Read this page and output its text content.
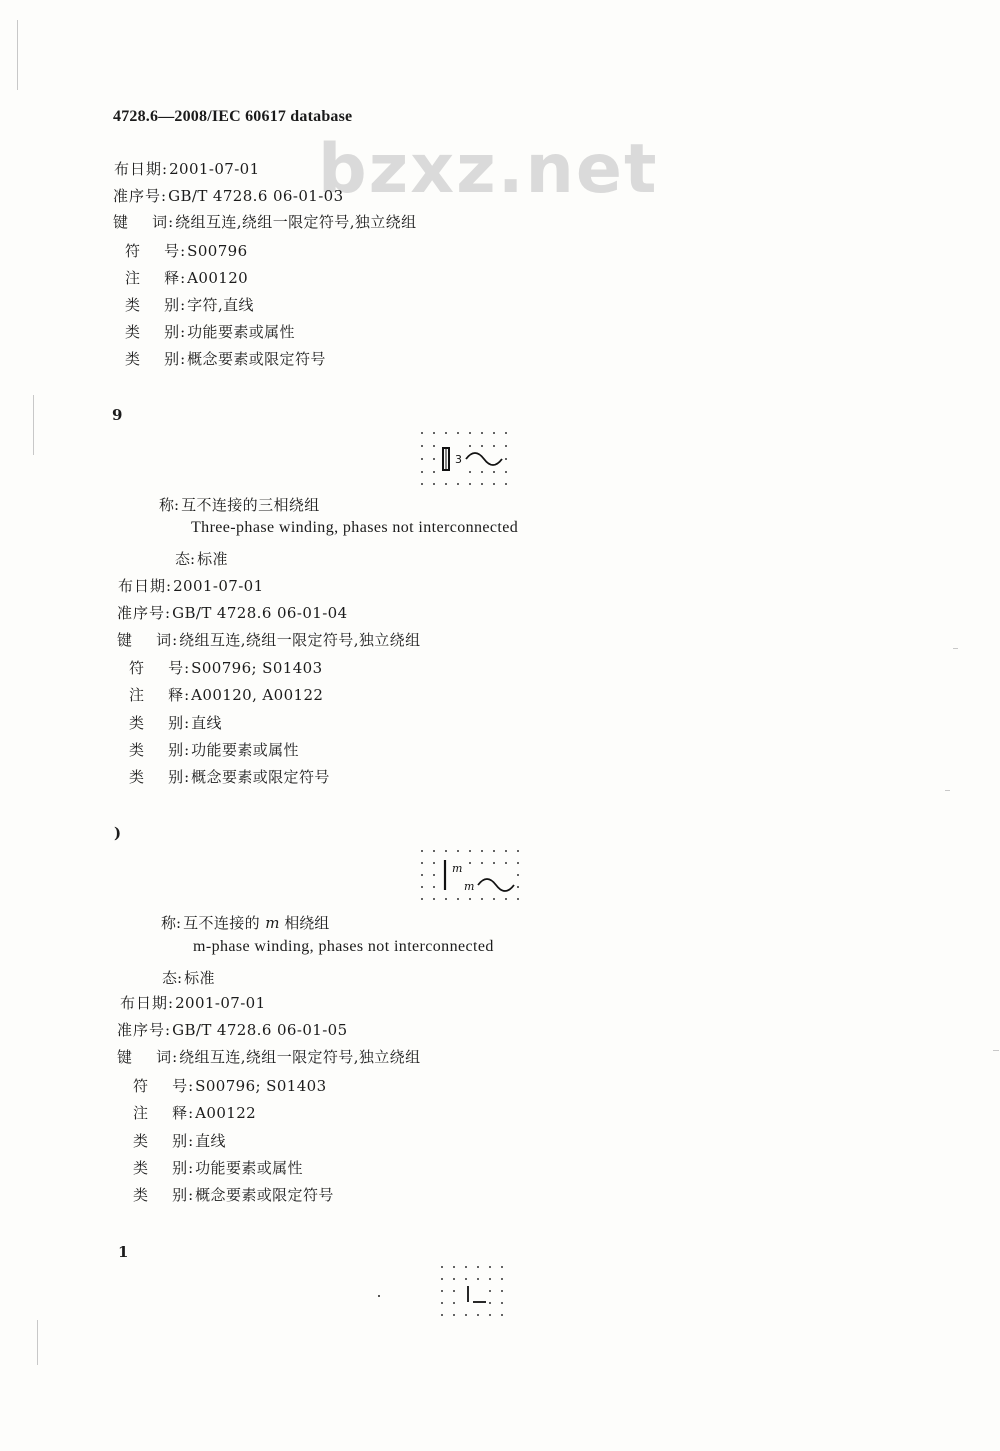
4728.6—2008/IEC 60617 database
bzxz.net
布日期: 2001-07-01
准序号: GB/T 4728.6 06-01-03
键    词: 绕组互连,绕组一限定符号,独立绕组
符    号: S00796
注    释: A00120
类    别: 字符,直线
类    别: 功能要素或属性
类    别: 概念要素或限定符号
9
3
称: 互不连接的三相绕组
Three-phase winding, phases not interconnected
态: 标准
布日期: 2001-07-01
准序号: GB/T 4728.6 06-01-04
键    词: 绕组互连,绕组一限定符号,独立绕组
符    号: S00796; S01403
注    释: A00120, A00122
类    别: 直线
类    别: 功能要素或属性
类    别: 概念要素或限定符号
)
m
m
称: 互不连接的 m 相绕组
m-phase winding, phases not interconnected
态: 标准
布日期: 2001-07-01
准序号: GB/T 4728.6 06-01-05
键    词: 绕组互连,绕组一限定符号,独立绕组
符    号: S00796; S01403
注    释: A00122
类    别: 直线
类    别: 功能要素或属性
类    别: 概念要素或限定符号
1
